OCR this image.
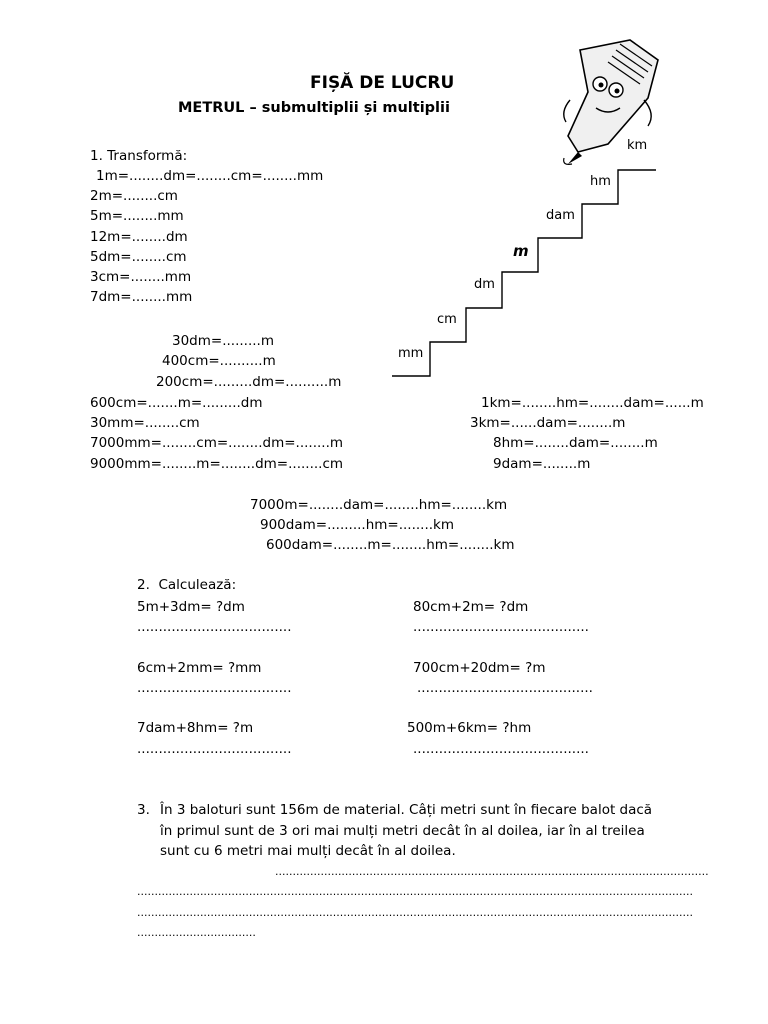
FIȘĂ DE LUCRU
METRUL – submultiplii și multiplii
mm
cm
dm
m
dam
hm
km
1. Transformă:
1m=........dm=........cm=........mm
2m=........cm
5m=........mm
12m=........dm
5dm=........cm
3cm=........mm
7dm=........mm
30dm=.........m
400cm=..........m
200cm=.........dm=..........m
600cm=.......m=.........dm
30mm=........cm
7000mm=........cm=........dm=........m
9000mm=........m=........dm=........cm
1km=........hm=........dam=......m
3km=......dam=........m
8hm=........dam=........m
9dam=........m
7000m=........dam=........hm=........km
900dam=.........hm=........km
600dam=........m=........hm=........km
2.  Calculează:
5m+3dm= ?dm	80cm+2m= ?dm
....................................	.........................................
6cm+2mm= ?mm	700cm+20dm= ?m
....................................	.........................................
7dam+8hm= ?m	500m+6km= ?hm
....................................	.........................................
3. În 3 baloturi sunt 156m de material. Câți metri sunt în fiecare balot dacă
în primul sunt de 3 ori mai mulți metri decât în al doilea, iar în al treilea
sunt cu 6 metri mai mulți decât în al doilea.
............................................................................................................................
...............................................................................................................................................................
...............................................................................................................................................................
..................................
